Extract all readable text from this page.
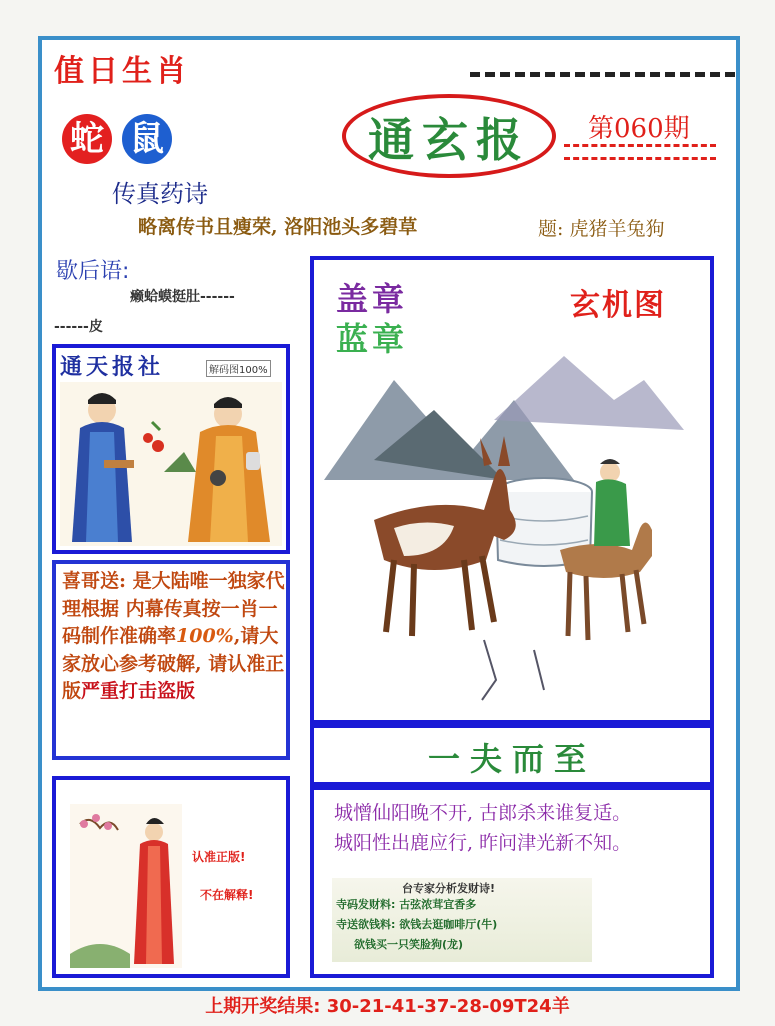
值日生肖
蛇 鼠
传真药诗
通玄报	第060期
略离传书且瘦荣, 洛阳池头多碧草	题: 虎猪羊兔狗
歇后语:
癞蛤蟆挺肚------
------皮
通天报社	解码图100%
喜哥送: 是大陆唯一独家代理根据 内幕传真按一肖一码制作准确率100%,请大家放心参考破解, 请认准正版严重打击盗版
认准正版!
不在解释!
盖章
蓝章
玄机图
一夫而至
城憎仙阳晚不开, 古郎杀来谁复适。
城阳性出鹿应行, 昨问津光新不知。
台专家分析发财诗!
寺码发财料: 古弦浓茸宜香多
寺送欲钱料: 欲钱去逛咖啡厅(牛)
欲钱买一只笑脸狗(龙)
上期开奖结果: 30-21-41-37-28-09T24羊
